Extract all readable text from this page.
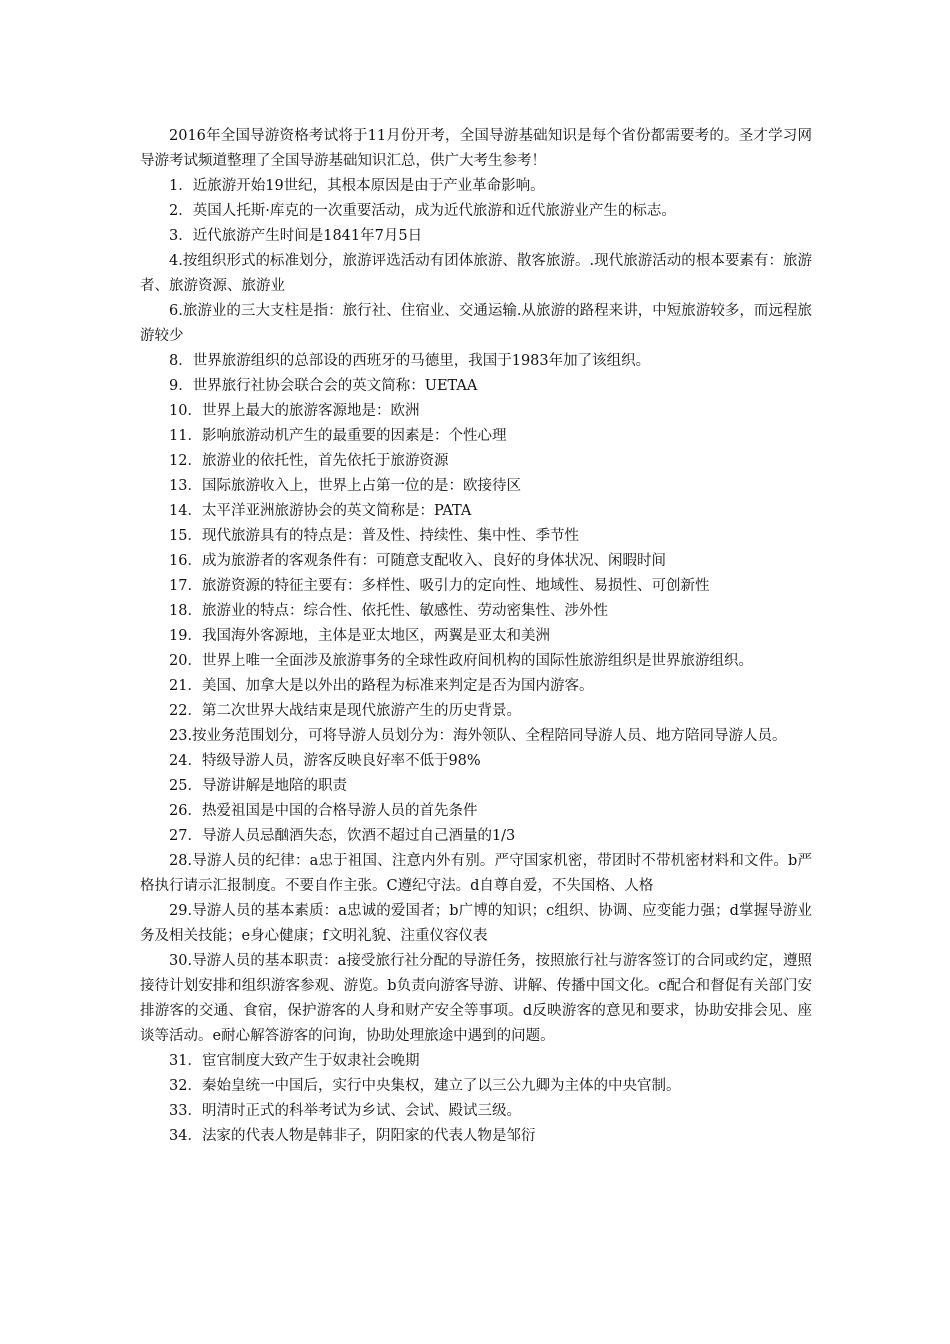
2016年全国导游资格考试将于11月份开考，全国导游基础知识是每个省份都需要考的。圣才学习网导游考试频道整理了全国导游基础知识汇总，供广大考生参考！

1．近旅游开始19世纪，其根本原因是由于产业革命影响。

2．英国人托斯·库克的一次重要活动，成为近代旅游和近代旅游业产生的标志。

3．近代旅游产生时间是1841年7月5日

4.按组织形式的标准划分，旅游评选活动有团体旅游、散客旅游。.现代旅游活动的根本要素有：旅游者、旅游资源、旅游业

6.旅游业的三大支柱是指：旅行社、住宿业、交通运输.从旅游的路程来讲，中短旅游较多，而远程旅游较少

8．世界旅游组织的总部设的西班牙的马德里，我国于1983年加了该组织。

9．世界旅行社协会联合会的英文简称：UETAA

10．世界上最大的旅游客源地是：欧洲

11．影响旅游动机产生的最重要的因素是：个性心理

12．旅游业的依托性，首先依托于旅游资源

13．国际旅游收入上，世界上占第一位的是：欧接待区

14．太平洋亚洲旅游协会的英文简称是：PATA

15．现代旅游具有的特点是：普及性、持续性、集中性、季节性

16．成为旅游者的客观条件有：可随意支配收入、良好的身体状况、闲暇时间

17．旅游资源的特征主要有：多样性、吸引力的定向性、地域性、易损性、可创新性

18．旅游业的特点：综合性、依托性、敏感性、劳动密集性、涉外性

19．我国海外客源地，主体是亚太地区，两翼是亚太和美洲

20．世界上唯一全面涉及旅游事务的全球性政府间机构的国际性旅游组织是世界旅游组织。

21．美国、加拿大是以外出的路程为标准来判定是否为国内游客。

22．第二次世界大战结束是现代旅游产生的历史背景。

23.按业务范围划分，可将导游人员划分为：海外领队、全程陪同导游人员、地方陪同导游人员。

24．特级导游人员，游客反映良好率不低于98%

25．导游讲解是地陪的职责

26．热爱祖国是中国的合格导游人员的首先条件

27．导游人员忌酗酒失态，饮酒不超过自己酒量的1/3

28.导游人员的纪律：a忠于祖国、注意内外有别。严守国家机密，带团时不带机密材料和文件。b严格执行请示汇报制度。不要自作主张。C遵纪守法。d自尊自爱，不失国格、人格

29.导游人员的基本素质：a忠诚的爱国者；b广博的知识；c组织、协调、应变能力强；d掌握导游业务及相关技能；e身心健康；f文明礼貌、注重仪容仪表

30.导游人员的基本职责：a接受旅行社分配的导游任务，按照旅行社与游客签订的合同或约定，遵照接待计划安排和组织游客参观、游览。b负责向游客导游、讲解、传播中国文化。c配合和督促有关部门安排游客的交通、食宿，保护游客的人身和财产安全等事项。d反映游客的意见和要求，协助安排会见、座谈等活动。e耐心解答游客的问询，协助处理旅途中遇到的问题。

31．宦官制度大致产生于奴隶社会晚期

32．秦始皇统一中国后，实行中央集权，建立了以三公九卿为主体的中央官制。

33．明清时正式的科举考试为乡试、会试、殿试三级。

34．法家的代表人物是韩非子，阴阳家的代表人物是邹衍
